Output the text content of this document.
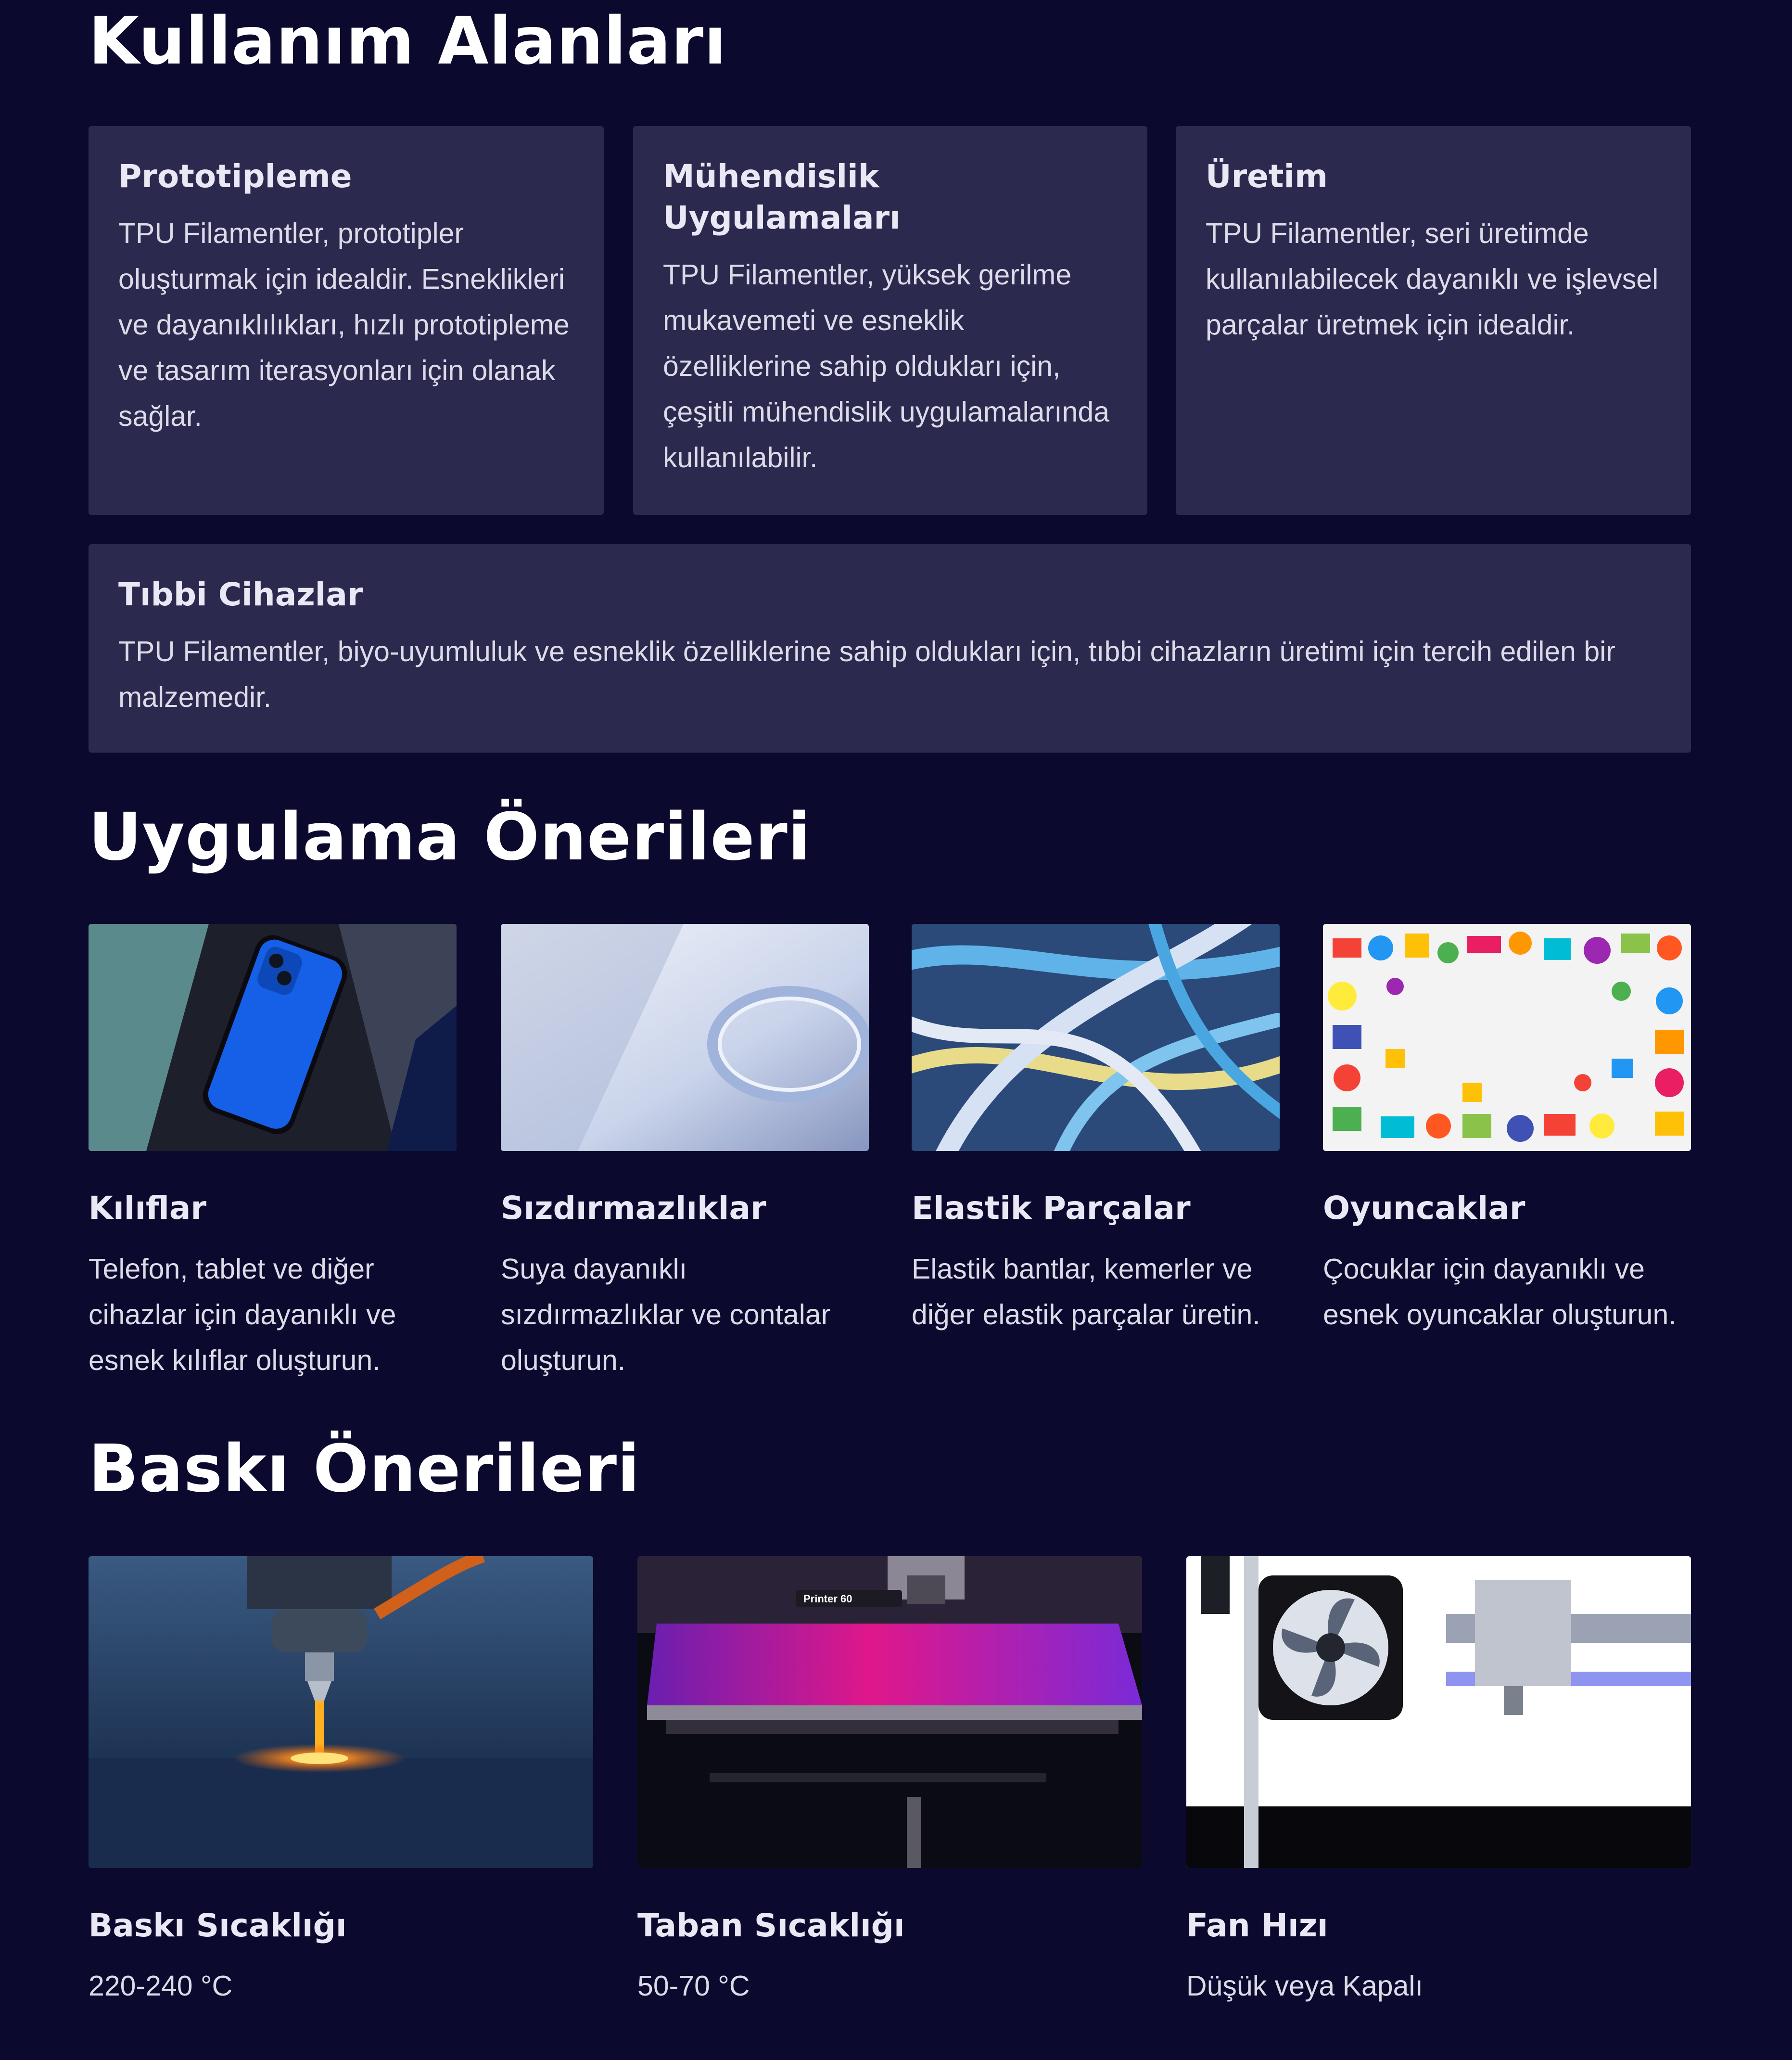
Kullanım Alanları
Prototipleme

TPU Filamentler, prototipler oluşturmak için idealdir. Esneklikleri ve dayanıklılıkları, hızlı prototipleme ve tasarım iterasyonları için olanak sağlar.

Mühendislik Uygulamaları

TPU Filamentler, yüksek gerilme mukavemeti ve esneklik özelliklerine sahip oldukları için, çeşitli mühendislik uygulamalarında kullanılabilir.

Üretim

TPU Filamentler, seri üretimde kullanılabilecek dayanıklı ve işlevsel parçalar üretmek için idealdir.

Tıbbi Cihazlar

TPU Filamentler, biyo-uyumluluk ve esneklik özelliklerine sahip oldukları için, tıbbi cihazların üretimi için tercih edilen bir malzemedir.

Uygulama Önerileri
Kılıflar

Telefon, tablet ve diğer cihazlar için dayanıklı ve esnek kılıflar oluşturun.

Sızdırmazlıklar

Suya dayanıklı sızdırmazlıklar ve contalar oluşturun.

Elastik Parçalar

Elastik bantlar, kemerler ve diğer elastik parçalar üretin.

Oyuncaklar

Çocuklar için dayanıklı ve esnek oyuncaklar oluşturun.

Baskı Önerileri
Printer 60
Baskı Sıcaklığı

220-240 °C

Taban Sıcaklığı

50-70 °C

Fan Hızı

Düşük veya Kapalı
